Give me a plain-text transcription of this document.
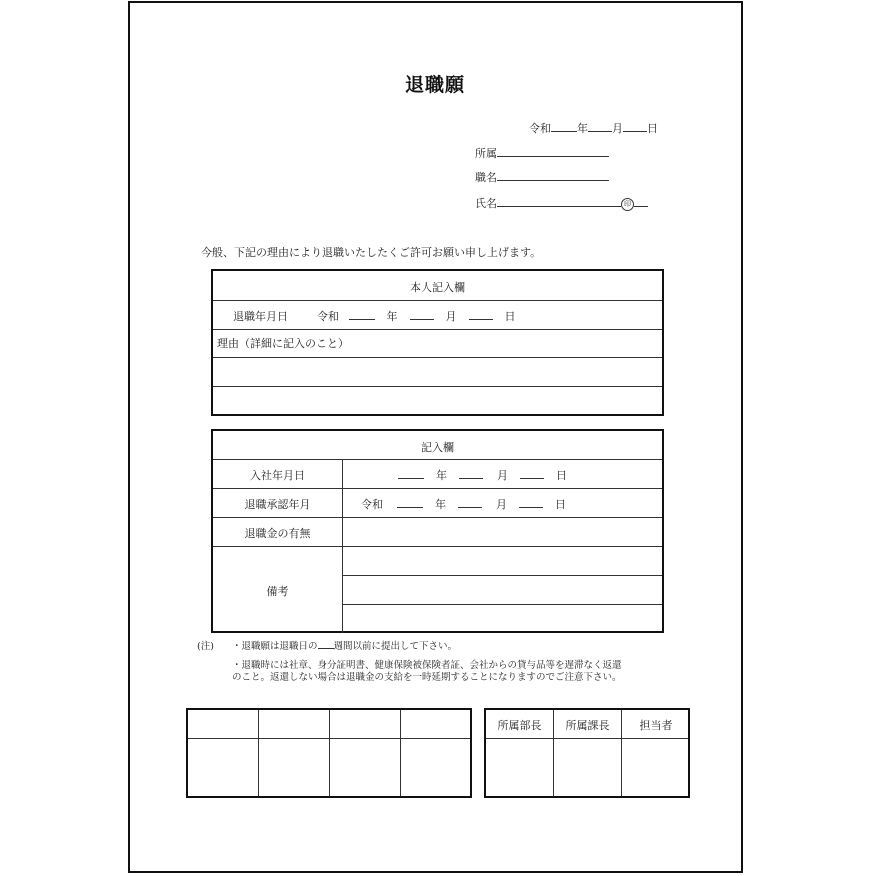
退職願
令和 年 月 日
所属
職名
氏名	印
今般、下記の理由により退職いたしたくご許可お願い申し上げます。
本人記入欄
退職年月日	令和	年	月	日
理由（詳細に記入のこと）
記入欄
入社年月日	年	月	日
退職承認年月	令和	年	月	日
退職金の有無
備考
(注) ・退職願は退職日の 週間以前に提出して下さい。
・退職時には社章、身分証明書、健康保険被保険者証、会社からの貸与品等を遅滞なく返還
のこと。返還しない場合は退職金の支給を一時延期することになりますのでご注意下さい。
所属部長	所属課長	担当者
